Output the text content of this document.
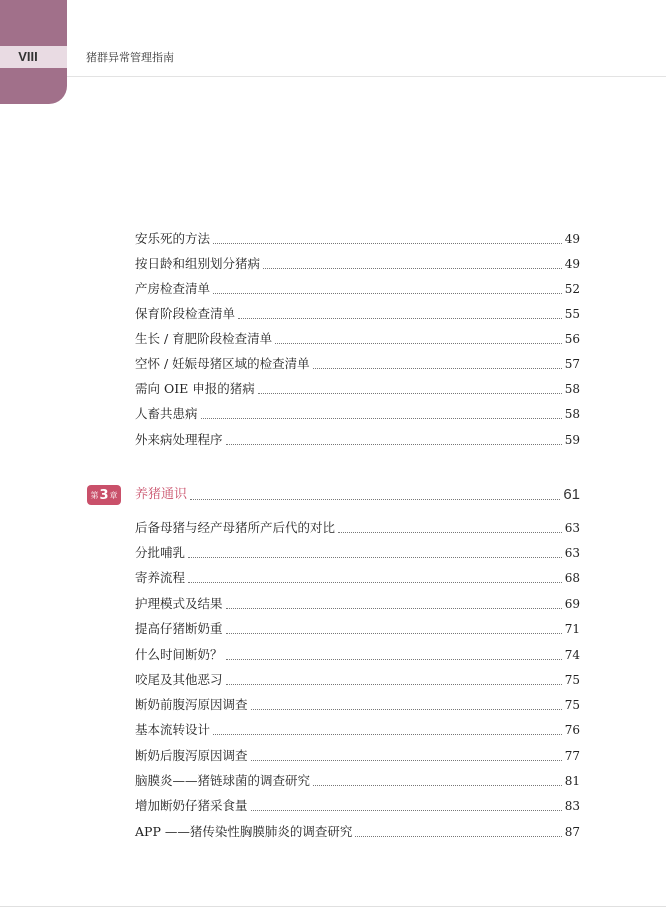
VIII	猪群异常管理指南
安乐死的方法	49
按日龄和组别划分猪病	49
产房检查清单	52
保育阶段检查清单	55
生长 / 育肥阶段检查清单	56
空怀 / 妊娠母猪区域的检查清单	57
需向 OIE 申报的猪病	58
人畜共患病	58
外来病处理程序	59
第 3 章 养猪通识	61
后备母猪与经产母猪所产后代的对比	63
分批哺乳	63
寄养流程	68
护理模式及结果	69
提高仔猪断奶重	71
什么时间断奶？	74
咬尾及其他恶习	75
断奶前腹泻原因调查	75
基本流转设计	76
断奶后腹泻原因调查	77
脑膜炎——猪链球菌的调查研究	81
增加断奶仔猪采食量	83
APP ——猪传染性胸膜肺炎的调查研究	87
